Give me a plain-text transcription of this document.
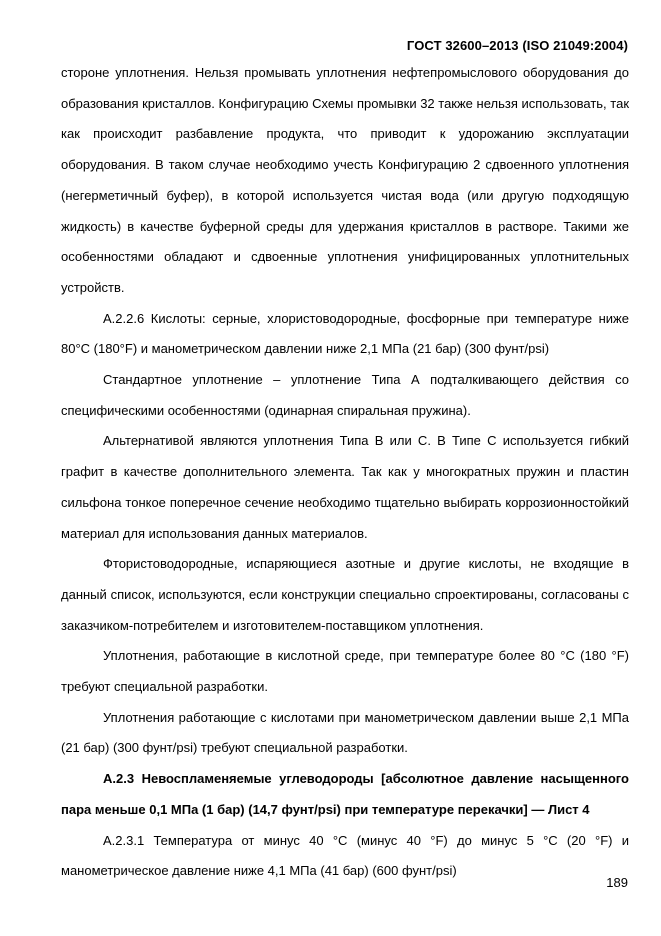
ГОСТ 32600–2013 (ISO 21049:2004)

стороне уплотнения. Нельзя промывать уплотнения нефтепромыслового оборудования до образования кристаллов. Конфигурацию Схемы промывки 32 также нельзя использовать, так как происходит разбавление продукта, что приводит к удорожанию эксплуатации оборудования. В таком случае необходимо учесть Конфигурацию 2 сдвоенного уплотнения (негерметичный буфер), в которой используется чистая вода (или другую подходящую жидкость) в качестве буферной среды для удержания кристаллов в растворе. Такими же особенностями обладают и сдвоенные уплотнения унифицированных уплотнительных устройств.

А.2.2.6 Кислоты: серные, хлористоводородные, фосфорные при температуре ниже 80°С (180°F) и манометрическом давлении ниже 2,1 МПа (21 бар) (300 фунт/psi)

Стандартное уплотнение – уплотнение Типа А подталкивающего действия со специфическими особенностями (одинарная спиральная пружина).

Альтернативой являются уплотнения Типа В или С. В Типе С используется гибкий графит в качестве дополнительного элемента. Так как у многократных пружин и пластин сильфона тонкое поперечное сечение необходимо тщательно выбирать коррозионностойкий материал для использования данных материалов.

Фтористоводородные, испаряющиеся азотные и другие кислоты, не входящие в данный список, используются, если конструкции специально спроектированы, согласованы с заказчиком-потребителем и изготовителем-поставщиком уплотнения.

Уплотнения, работающие в кислотной среде, при температуре более 80 °С (180 °F) требуют специальной разработки.

Уплотнения работающие с кислотами при манометрическом давлении выше 2,1 МПа (21 бар) (300 фунт/psi) требуют специальной разработки.

А.2.3 Невоспламеняемые углеводороды [абсолютное давление насыщенного пара меньше 0,1 МПа (1 бар) (14,7 фунт/psi) при температуре перекачки] — Лист 4

А.2.3.1 Температура от минус 40 °С (минус 40 °F) до минус 5 °С (20 °F) и манометрическое давление ниже 4,1 МПа (41 бар) (600 фунт/psi)

189
